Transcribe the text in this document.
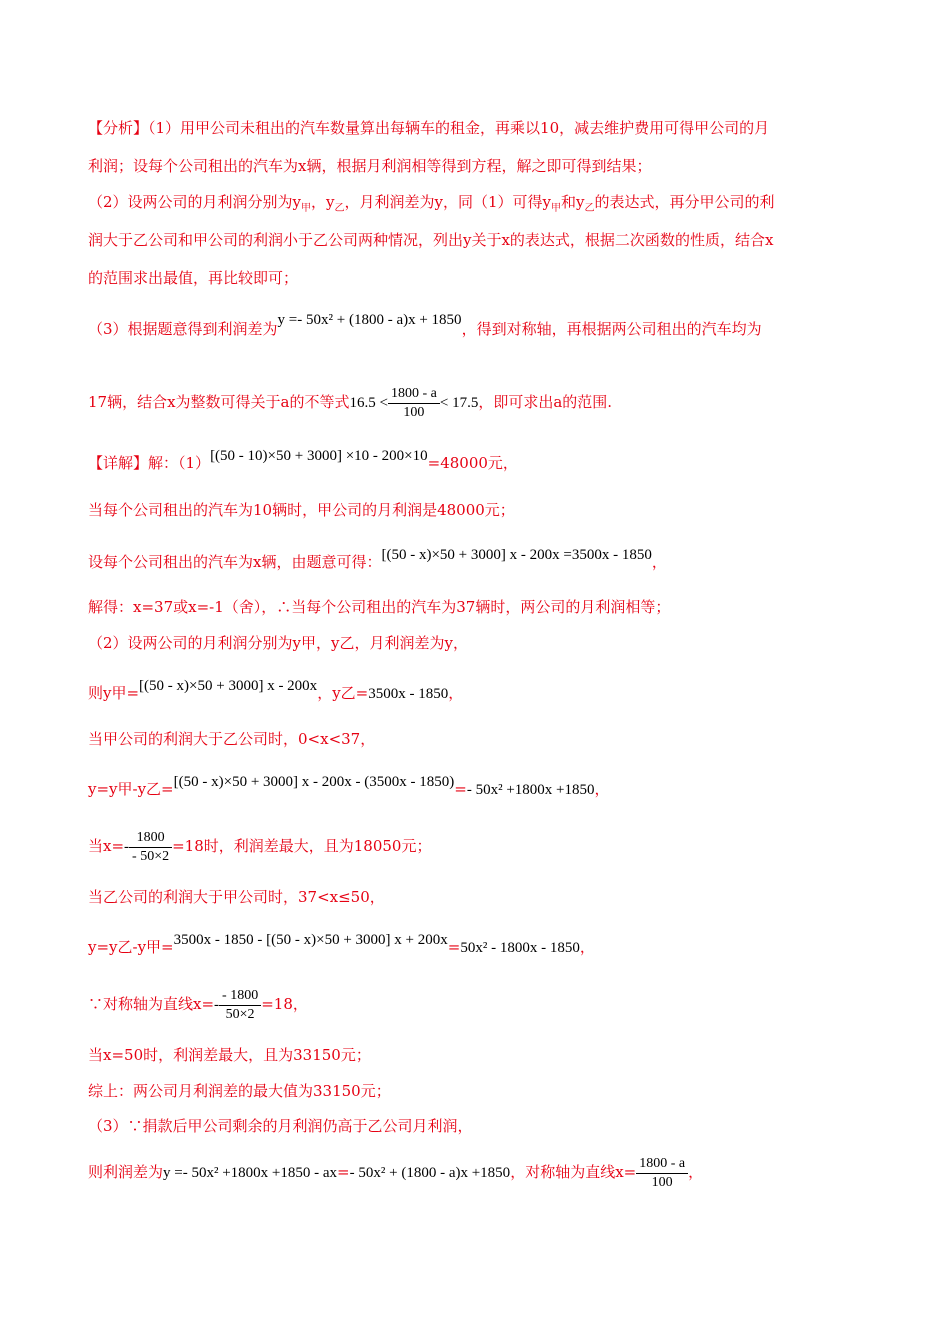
【分析】（1）用甲公司未租出的汽车数量算出每辆车的租金，再乘以10，减去维护费用可得甲公司的月
利润；设每个公司租出的汽车为x辆，根据月利润相等得到方程，解之即可得到结果；
（2）设两公司的月利润分别为$y_甲$，$y_乙$，月利润差为y，同（1）可得$y_甲$和$y_乙$的表达式，再分甲公司的利
润大于乙公司和甲公司的利润小于乙公司两种情况，列出y关于x的表达式，根据二次函数的性质，结合x
的范围求出最值，再比较即可；
（3）根据题意得到利润差为y =- 50x² + (1800 - a)x + 1850，得到对称轴，再根据两公司租出的汽车均为
17辆，结合x为整数可得关于a的不等式$16.5 < \frac{1800 - a}{100} < 17.5$，即可求出a的范围.
【详解】解：（1）[(50 - 10)×50 + 3000] ×10 - 200×10=48000元，
当每个公司租出的汽车为10辆时，甲公司的月利润是48000元；
设每个公司租出的汽车为x辆，由题意可得：[(50 - x)×50 + 3000] x - 200x =3500x - 1850，
解得：x=37或x=-1（舍），∴当每个公司租出的汽车为37辆时，两公司的月利润相等；
（2）设两公司的月利润分别为y甲，y乙，月利润差为y，
则y甲=[(50 - x)×50 + 3000] x - 200x，y乙=3500x - 1850，
当甲公司的利润大于乙公司时，0<x<37，
y=y甲-y乙=[(50 - x)×50 + 3000] x - 200x - (3500x - 1850)=- 50x² +1800x +1850，
当$x=- \frac{1800}{- 50\times 2} =18$时，利润差最大，且为18050元；
当乙公司的利润大于甲公司时，37<x≤50，
y=y乙-y甲=3500x - 1850 - [(50 - x)×50 + 3000] x + 200x=50x² - 1800x - 1850，
∵对称轴为直线$x=- \frac{- 1800}{50\times 2} =18$，
当x=50时，利润差最大，且为33150元；
综上：两公司月利润差的最大值为33150元；
（3）∵捐款后甲公司剩余的月利润仍高于乙公司月利润，
则利润差为y =- 50x² +1800x +1850 - ax=- 50x² + (1800 - a)x +1850，对称轴为直线$x= \frac{1800 - a}{100}$ ，
